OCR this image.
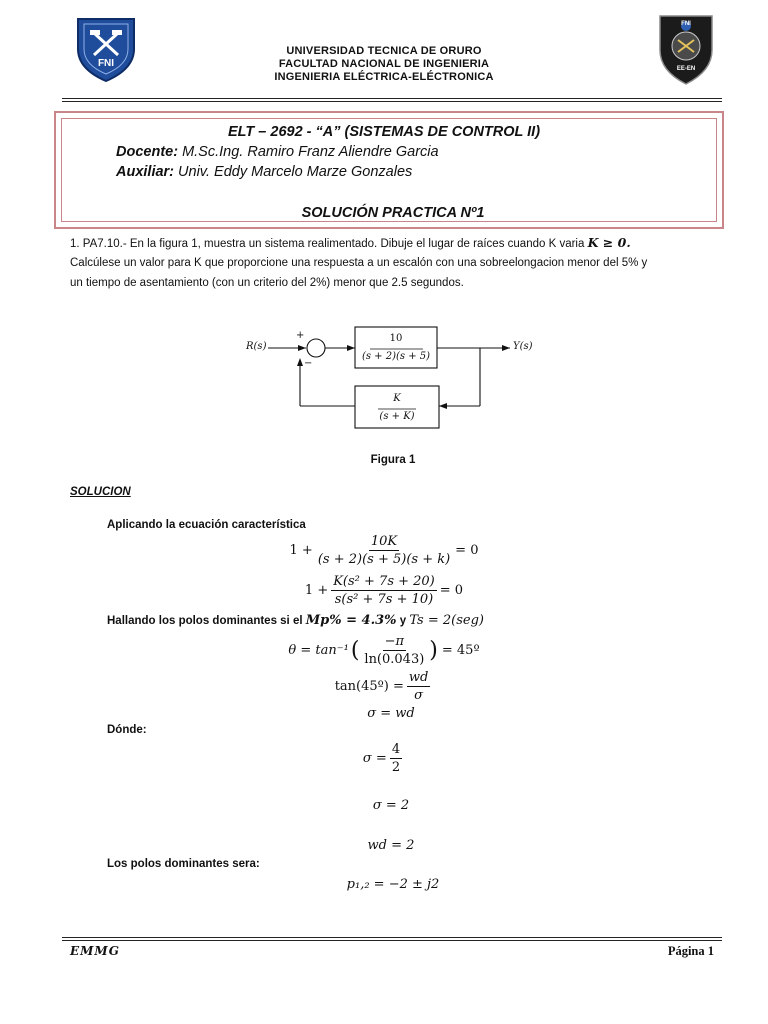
FNI
FNI
EE-EN
UNIVERSIDAD TECNICA DE ORURO
FACULTAD NACIONAL DE INGENIERIA
INGENIERIA ELÉCTRICA-ELÉCTRONICA
ELT – 2692 - “A” (SISTEMAS DE CONTROL II)
Docente: M.Sc.Ing. Ramiro Franz Aliendre Garcia
Auxiliar: Univ. Eddy Marcelo Marze Gonzales
SOLUCIÓN PRACTICA Nº1
1. PA7.10.- En la figura 1, muestra un sistema realimentado. Dibuje el lugar de raíces cuando K varia K ≥ 0.
Calcúlese un valor para K que proporcione una respuesta a un escalón con una sobreelongacion menor del 5% y
un tiempo de asentamiento (con un criterio del 2%) menor que 2.5 segundos.
R(s)	Y(s)
+
−
10
(s + 2)(s + 5)
K
(s + K)
Figura 1
SOLUCION
Aplicando la ecuación característica
$1 + \frac{10K}{(s + 2)(s + 5)(s + k)} = 0$
$1 + \frac{\text{K(s² + 7s + 20)}}{\text{s(s² + 7s + 10)}} = 0$
Hallando los polos dominantes si el Mp% = 4.3% y Ts = 2(seg)
θ = tan⁻¹ ( $\frac{-\pi}{\ln(0.043)}$ ) = 45º
tan(45º) = $\frac{wd}{\sigma}$
σ = wd
Dónde:
$\sigma = \frac{4}{2}$
σ = 2
wd = 2
Los polos dominantes sera:
p₁,₂ = −2 ± j2
EMMG	Página 1
